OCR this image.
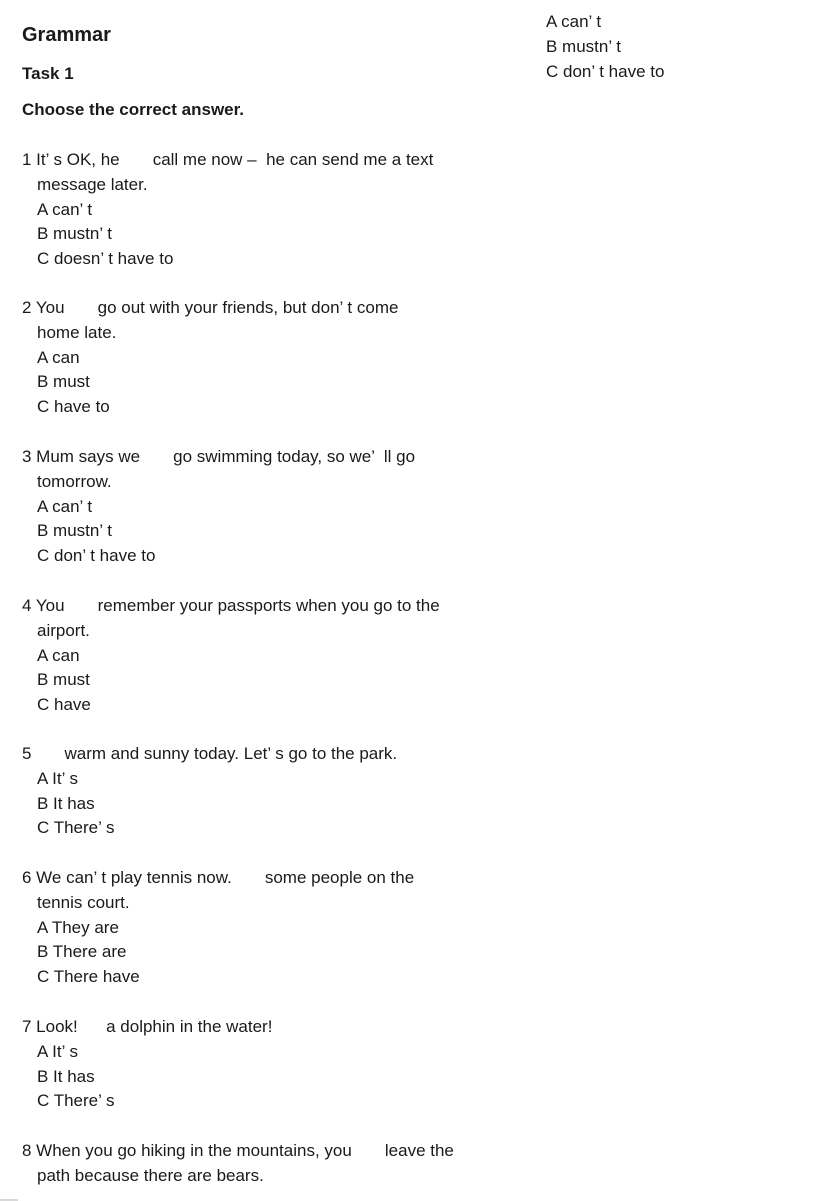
Grammar
Task 1
Choose the correct answer.
A can’ t
B mustn’ t
C don’ t have to
1 It’ s OK, he       call me now –  he can send me a text
message later.
A can’ t
B mustn’ t
C doesn’ t have to
2 You       go out with your friends, but don’ t come
home late.
A can
B must
C have to
3 Mum says we       go swimming today, so we’  ll go
tomorrow.
A can’ t
B mustn’ t
C don’ t have to
4 You       remember your passports when you go to the
airport.
A can
B must
C have
5       warm and sunny today. Let’ s go to the park.
A It’ s
B It has
C There’ s
6 We can’ t play tennis now.       some people on the
tennis court.
A They are
B There are
C There have
7 Look!      a dolphin in the water!
A It’ s
B It has
C There’ s
8 When you go hiking in the mountains, you       leave the
path because there are bears.
